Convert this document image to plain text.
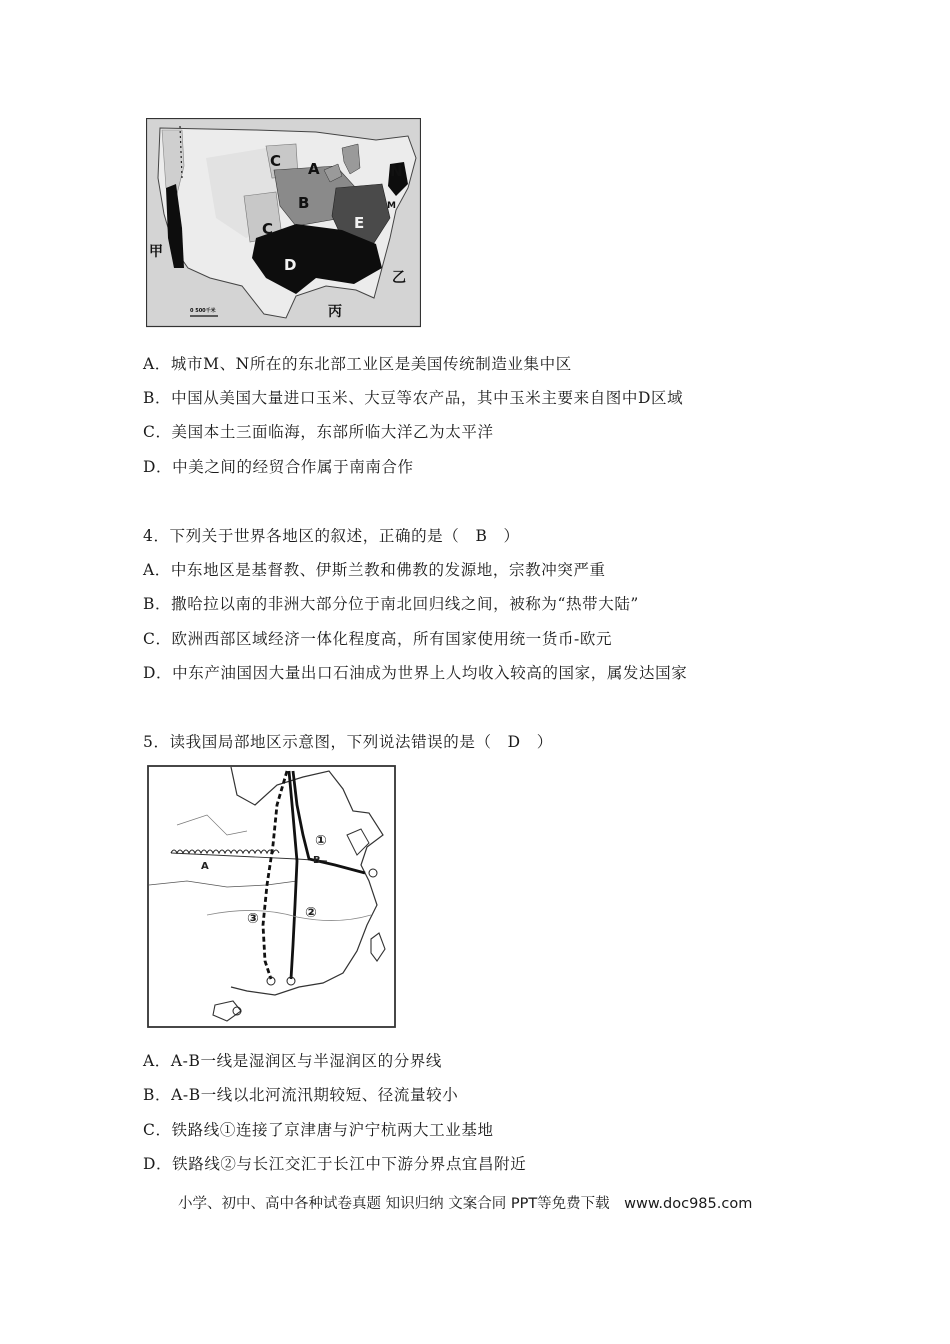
0 500千米
A
B
C
C
D
E
N
M
甲
乙
丙
A．城市M、N所在的东北部工业区是美国传统制造业集中区
B．中国从美国大量进口玉米、大豆等农产品，其中玉米主要来自图中D区域
C．美国本土三面临海，东部所临大洋乙为太平洋
D．中美之间的经贸合作属于南南合作
4．下列关于世界各地区的叙述，正确的是（　B　）
A．中东地区是基督教、伊斯兰教和佛教的发源地，宗教冲突严重
B．撒哈拉以南的非洲大部分位于南北回归线之间，被称为“热带大陆”
C．欧洲西部区域经济一体化程度高，所有国家使用统一货币-欧元
D．中东产油国因大量出口石油成为世界上人均收入较高的国家，属发达国家
5．读我国局部地区示意图，下列说法错误的是（　D　）
A
B
①
②
③
A．A-B一线是湿润区与半湿润区的分界线
B．A-B一线以北河流汛期较短、径流量较小
C．铁路线①连接了京津唐与沪宁杭两大工业基地
D．铁路线②与长江交汇于长江中下游分界点宜昌附近
小学、初中、高中各种试卷真题 知识归纳 文案合同 PPT等免费下载　www.doc985.com
